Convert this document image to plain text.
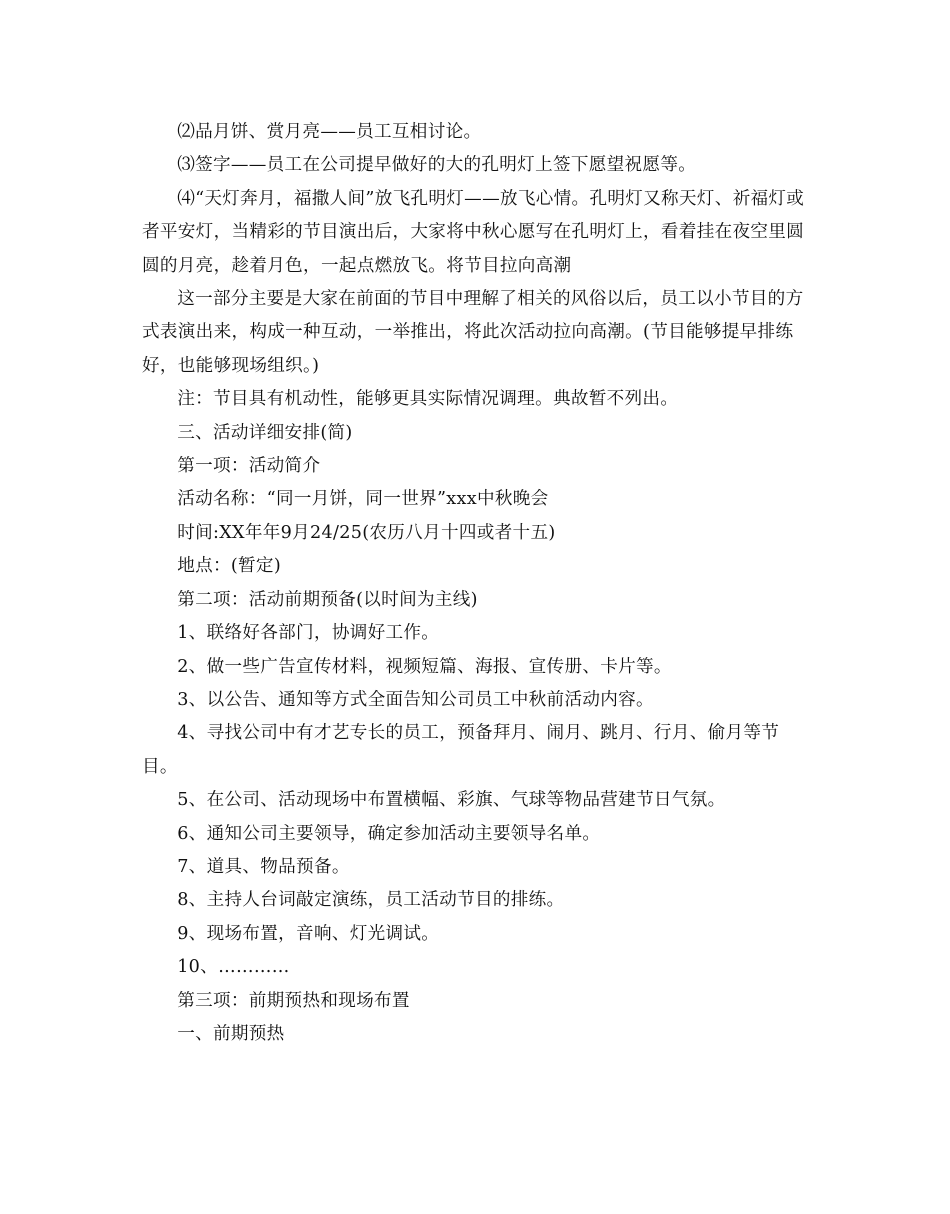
⑵品月饼、赏月亮——员工互相讨论。

⑶签字——员工在公司提早做好的大的孔明灯上签下愿望祝愿等。

⑷“天灯奔月，福撒人间”放飞孔明灯——放飞心情。孔明灯又称天灯、祈福灯或者平安灯，当精彩的节目演出后，大家将中秋心愿写在孔明灯上，看着挂在夜空里圆圆的月亮，趁着月色，一起点燃放飞。将节目拉向高潮

这一部分主要是大家在前面的节目中理解了相关的风俗以后，员工以小节目的方式表演出来，构成一种互动，一举推出，将此次活动拉向高潮。(节目能够提早排练好，也能够现场组织。)

注：节目具有机动性，能够更具实际情况调理。典故暂不列出。

三、活动详细安排(简)

第一项：活动简介

活动名称：“同一月饼，同一世界”xxx中秋晚会

时间:XX年年9月24/25(农历八月十四或者十五)

地点：(暂定)

第二项：活动前期预备(以时间为主线)

1、联络好各部门，协调好工作。

2、做一些广告宣传材料，视频短篇、海报、宣传册、卡片等。

3、以公告、通知等方式全面告知公司员工中秋前活动内容。

4、寻找公司中有才艺专长的员工，预备拜月、闹月、跳月、行月、偷月等节目。

5、在公司、活动现场中布置横幅、彩旗、气球等物品营建节日气氛。

6、通知公司主要领导，确定参加活动主要领导名单。

7、道具、物品预备。

8、主持人台词敲定演练，员工活动节目的排练。

9、现场布置，音响、灯光调试。

10、…………

第三项：前期预热和现场布置

一、前期预热
